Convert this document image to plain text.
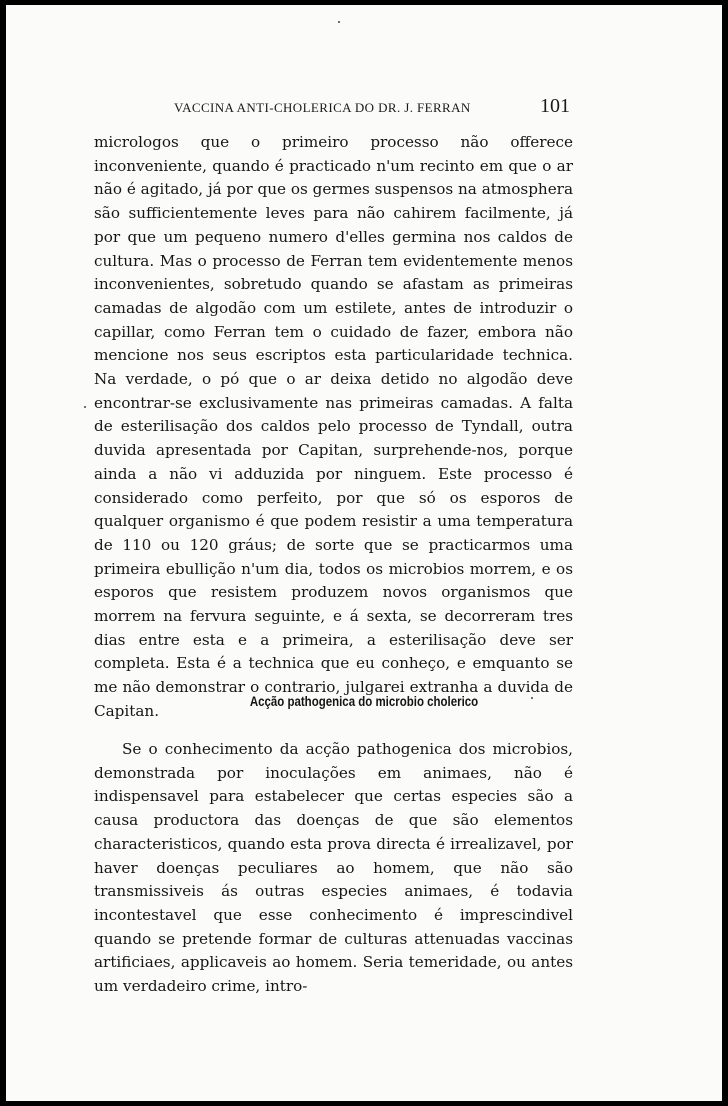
VACCINA ANTI-CHOLERICA DO DR. J. FERRAN	101
micrologos que o primeiro processo não offerece inconveniente, quando é practicado n'um recinto em que o ar não é agitado, já por que os germes suspensos na atmosphera são sufficientemente leves para não cahirem facilmente, já por que um pequeno numero d'elles germina nos caldos de cultura. Mas o processo de Ferran tem evidentemente menos inconvenientes, sobretudo quando se afastam as primeiras camadas de algodão com um estilete, antes de introduzir o capillar, como Ferran tem o cuidado de fazer, embora não mencione nos seus escriptos esta particularidade technica. Na verdade, o pó que o ar deixa detido no algodão deve encontrar-se exclusivamente nas primeiras camadas. A falta de esterilisação dos caldos pelo processo de Tyndall, outra duvida apresentada por Capitan, surprehende-nos, porque ainda a não vi adduzida por ninguem. Este processo é considerado como perfeito, por que só os esporos de qualquer organismo é que podem resistir a uma temperatura de 110 ou 120 gráus; de sorte que se practicarmos uma primeira ebullição n'um dia, todos os microbios morrem, e os esporos que resistem produzem novos organismos que morrem na fervura seguinte, e á sexta, se decorreram tres dias entre esta e a primeira, a esterilisação deve ser completa. Esta é a technica que eu conheço, e emquanto se me não demonstrar o contrario, julgarei extranha a duvida de Capitan.
Acção pathogenica do microbio cholerico
Se o conhecimento da acção pathogenica dos microbios, demonstrada por inoculações em animaes, não é indispensavel para estabelecer que certas especies são a causa productora das doenças de que são elementos characteristicos, quando esta prova directa é irrealizavel, por haver doenças peculiares ao homem, que não são transmissiveis ás outras especies animaes, é todavia incontestavel que esse conhecimento é imprescindivel quando se pretende formar de culturas attenuadas vaccinas artificiaes, applicaveis ao homem. Seria temeridade, ou antes um verdadeiro crime, intro-
